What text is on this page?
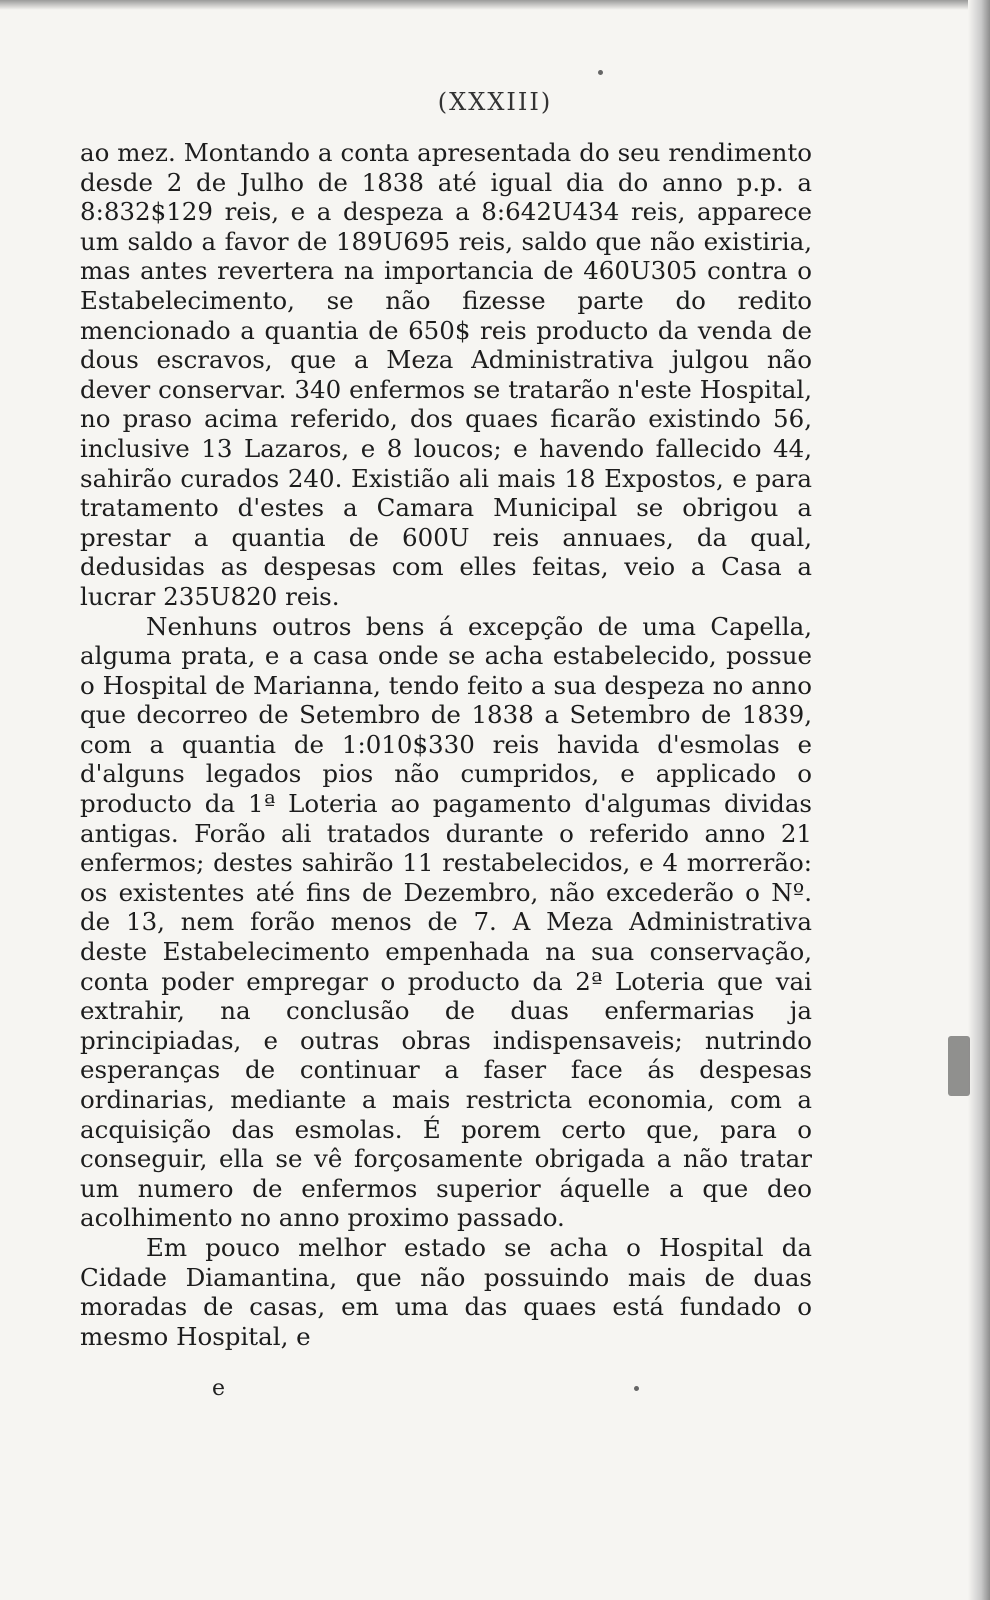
(XXXIII)

ao mez. Montando a conta apresentada do seu rendimento desde 2 de Julho de 1838 até igual dia do anno p.p. a 8:832$129 reis, e a despeza a 8:642U434 reis, apparece um saldo a favor de 189U695 reis, saldo que não existiria, mas antes revertera na importancia de 460U305 contra o Estabelecimento, se não fizesse parte do redito mencionado a quantia de 650$ reis producto da venda de dous escravos, que a Meza Administrativa julgou não dever conservar. 340 enfermos se tratarão n'este Hospital, no praso acima referido, dos quaes ficarão existindo 56, inclusive 13 Lazaros, e 8 loucos; e havendo fallecido 44, sahirão curados 240. Existião ali mais 18 Expostos, e para tratamento d'estes a Camara Municipal se obrigou a prestar a quantia de 600U reis annuaes, da qual, dedusidas as despesas com elles feitas, veio a Casa a lucrar 235U820 reis.

Nenhuns outros bens á excepção de uma Capella, alguma prata, e a casa onde se acha estabelecido, possue o Hospital de Marianna, tendo feito a sua despeza no anno que decorreo de Setembro de 1838 a Setembro de 1839, com a quantia de 1:010$330 reis havida d'esmolas e d'alguns legados pios não cumpridos, e applicado o producto da 1ª Loteria ao pagamento d'algumas dividas antigas. Forão ali tratados durante o referido anno 21 enfermos; destes sahirão 11 restabelecidos, e 4 morrerão: os existentes até fins de Dezembro, não excederão o Nº. de 13, nem forão menos de 7. A Meza Administrativa deste Estabelecimento empenhada na sua conservação, conta poder empregar o producto da 2ª Loteria que vai extrahir, na conclusão de duas enfermarias ja principiadas, e outras obras indispensaveis; nutrindo esperanças de continuar a faser face ás despesas ordinarias, mediante a mais restricta economia, com a acquisição das esmolas. É porem certo que, para o conseguir, ella se vê forçosamente obrigada a não tratar um numero de enfermos superior áquelle a que deo acolhimento no anno proximo passado.

Em pouco melhor estado se acha o Hospital da Cidade Diamantina, que não possuindo mais de duas moradas de casas, em uma das quaes está fundado o mesmo Hospital, e

e
